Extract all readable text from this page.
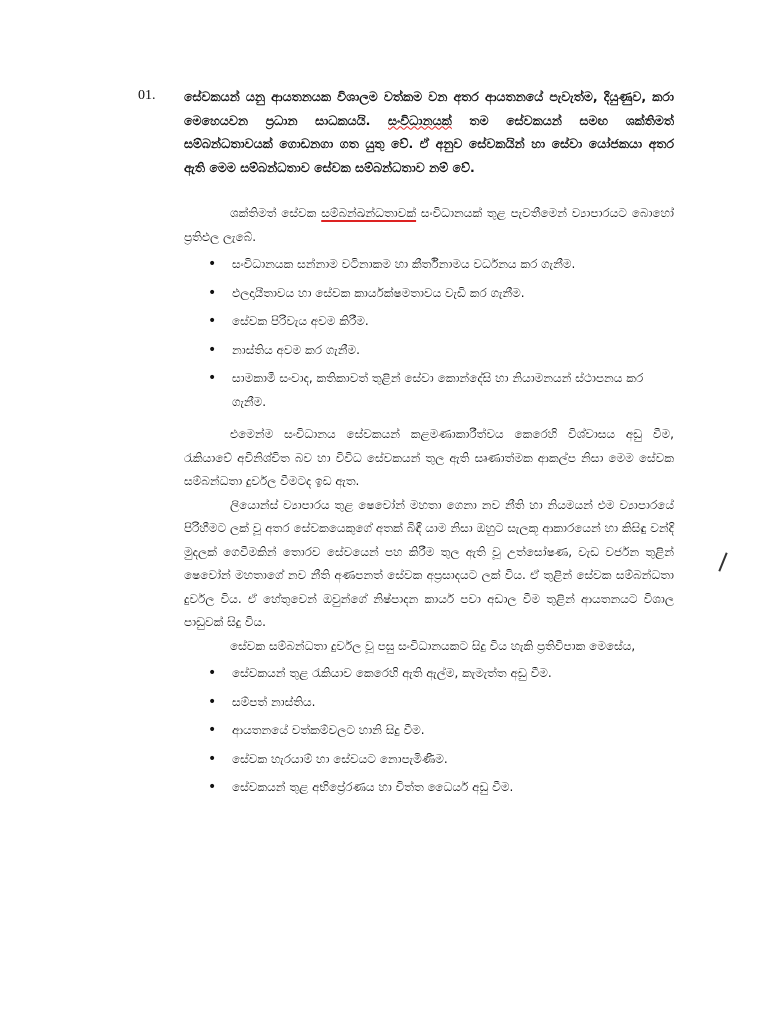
01. සේවකයන් යනු ආයතනයක විශාලම වත්කම වන අතර ආයතනයේ පැවැත්ම, දියුණුව, කරා මෙහෙයවන ප්‍රධාන සාධකයයි. සංවිධානයක් තම සේවකයන් සමඟ ශක්තිමත් සම්බන්ධතාවයක් ගොඩනගා ගත යුතු වේ. ඒ අනුව සේවකයින් හා සේවා යෝජකයා අතර ඇති මෙම සම්බන්ධතාව සේවක සම්බන්ධතාව නම් වේ.

ශක්තිමත් සේවක සම්බන්ඛන්ධතාවක් සංවිධානයක් තුළ පැවතීමෙන් ව්‍යාපාරයට බොහෝ ප්‍රතිඵල ලැබේ.

• සංවිධානයක සන්නාම වටිනාකම හා කීර්තිනාමය වර්ධනය කර ගැනීම.
• ඵලදායීතාවය හා සේවක කාර්යක්ෂමතාවය වැඩි කර ගැනීම.
• සේවක පිරිවැය අවම කිරීම.
• නාස්තිය අවම කර ගැනීම.
• සාමකාමී සංවාද, කතිකාවත් තුළින් සේවා කොන්දේසි හා නියාමනයන් ස්ථාපනය කර ගැනීම.

එමෙන්ම සංවිධානය සේවකයන් කළමණාකාරීත්වය කෙරෙහි විශ්වාසය අඩු වීම, රැකියාවේ අවිනිශ්චිත බව හා විවිධ සේවකයන් තුල ඇති සෘණාත්මක ආකල්ප නිසා මෙම සේවක සම්බන්ධතා දුර්වල වීමටද ඉඩ ඇත.

ලියොන්ස් ව්‍යාපාරය තුළ ෂෙවෝන් මහතා ගෙනා නව නීති හා නියමයන් එම ව්‍යාපාරයේ පිරිහීමට ලක් වූ අතර සේවකයෙකුගේ අතක් බිඳී යාම නිසා ඔහුට සැලකූ ආකාරයෙන් හා කිසිඳු වන්දි මුදලක් ගෙවීමකින් තොරව සේවයෙන් පහ කිරීම තුල ඇති වූ උත්සෝෂණ, වැඩ වර්ජන තුළින් ෂෙවෝන් මහතාගේ නව නීති අණපනත් සේවක අප්‍රසාදයට ලක් විය. ඒ තුළින් සේවක සම්බන්ධතා දුර්වල විය. ඒ හේතුවෙන් ඔවුන්ගේ නිෂ්පාදන කාර්ය පවා අඩාල වීම තුළින් ආයතනයට විශාල පාඩුවක් සිදු විය.

සේවක සම්බන්ධතා දුර්වල වූ පසු සංවිධානයකට සිදු විය හැකි ප්‍රතිවිපාක මෙසේය,

• සේවකයන් තුළ රැකියාව කෙරෙහි ඇති ඇල්ම, කැමැත්ත අඩු වීම.
• සම්පත් නාස්තිය.
• ආයතනයේ වත්කම්වලට හානි සිදු වීම.
• සේවක හැරයාම් හා සේවයට නොපැමිණීම.
• සේවකයන් තුළ අභිප්‍රේරණය හා චිත්ත ධෛර්ය අඩු වීම.
